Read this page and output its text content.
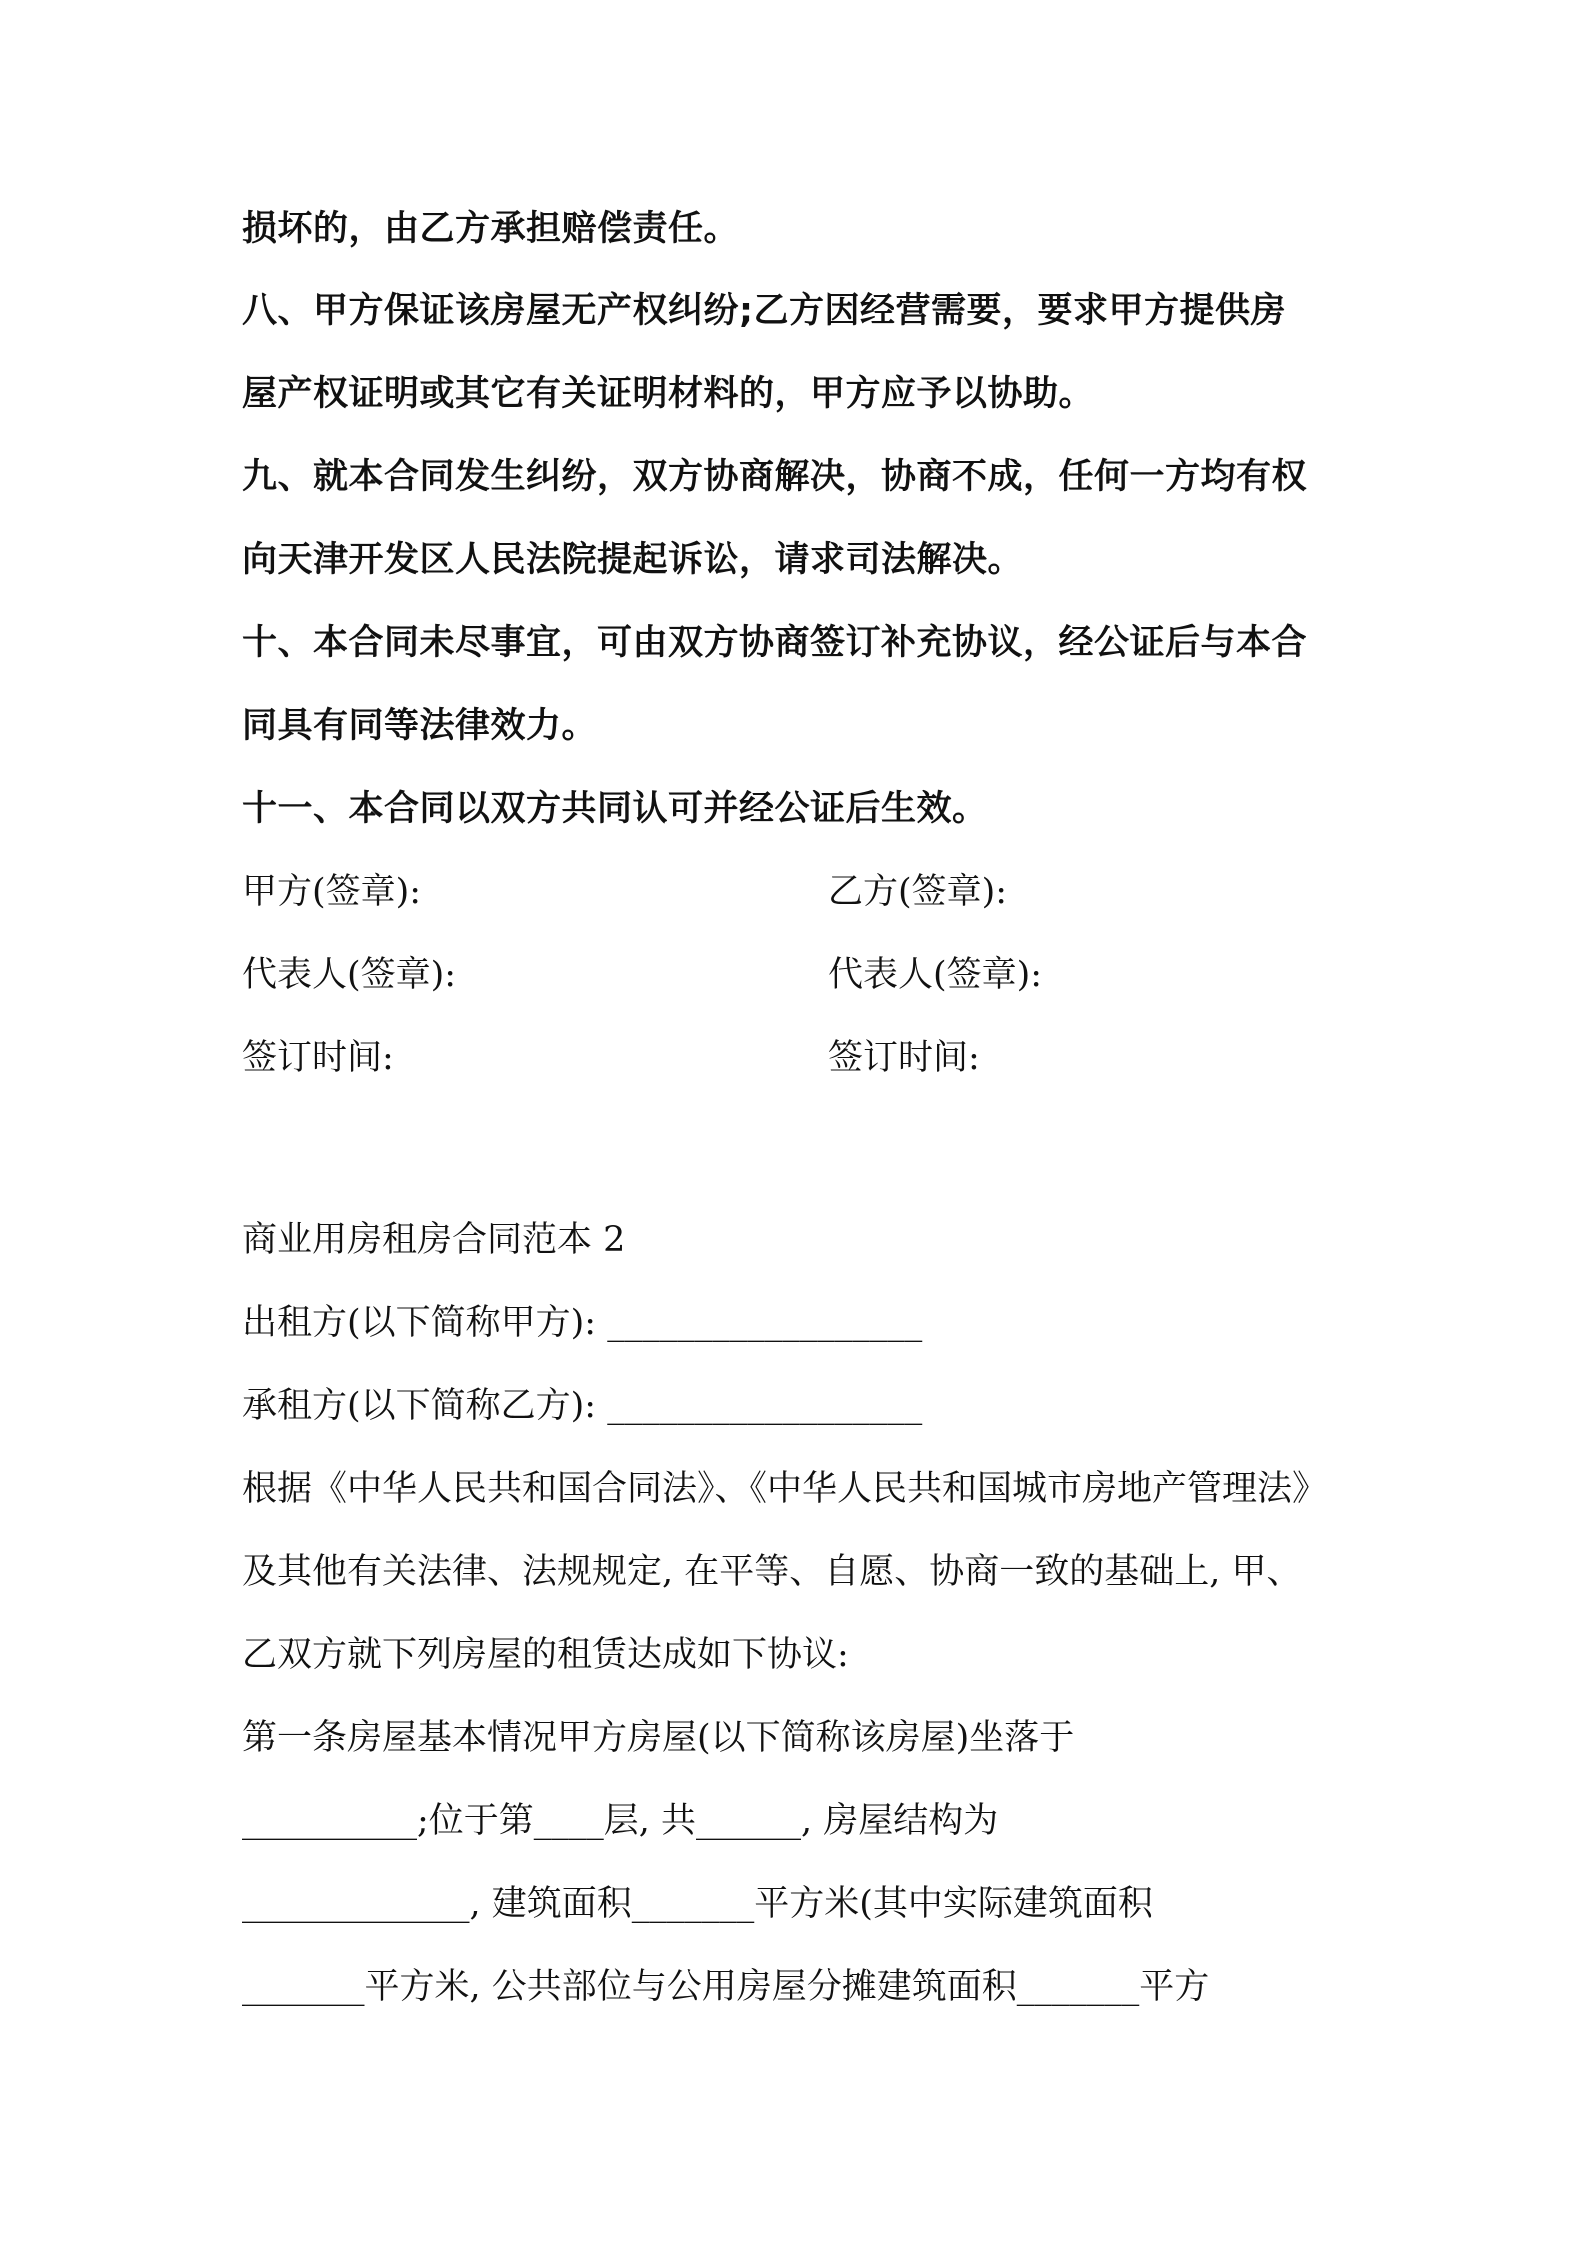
损坏的，由乙方承担赔偿责任。
八、甲方保证该房屋无产权纠纷;乙方因经营需要，要求甲方提供房
屋产权证明或其它有关证明材料的，甲方应予以协助。
九、就本合同发生纠纷，双方协商解决，协商不成，任何一方均有权
向天津开发区人民法院提起诉讼，请求司法解决。
十、本合同未尽事宜，可由双方协商签订补充协议，经公证后与本合
同具有同等法律效力。
十一、本合同以双方共同认可并经公证后生效。
甲方(签章):	乙方(签章):
代表人(签章):	代表人(签章):
签订时间:	签订时间:
商业用房租房合同范本 2
出租方(以下简称甲方): __________________
承租方(以下简称乙方): __________________
根据《中华人民共和国合同法》、《中华人民共和国城市房地产管理法》
及其他有关法律、法规规定, 在平等、自愿、协商一致的基础上, 甲、
乙双方就下列房屋的租赁达成如下协议:
第一条房屋基本情况甲方房屋(以下简称该房屋)坐落于
__________;位于第____层, 共______, 房屋结构为
_____________, 建筑面积_______平方米(其中实际建筑面积
_______平方米, 公共部位与公用房屋分摊建筑面积_______平方
